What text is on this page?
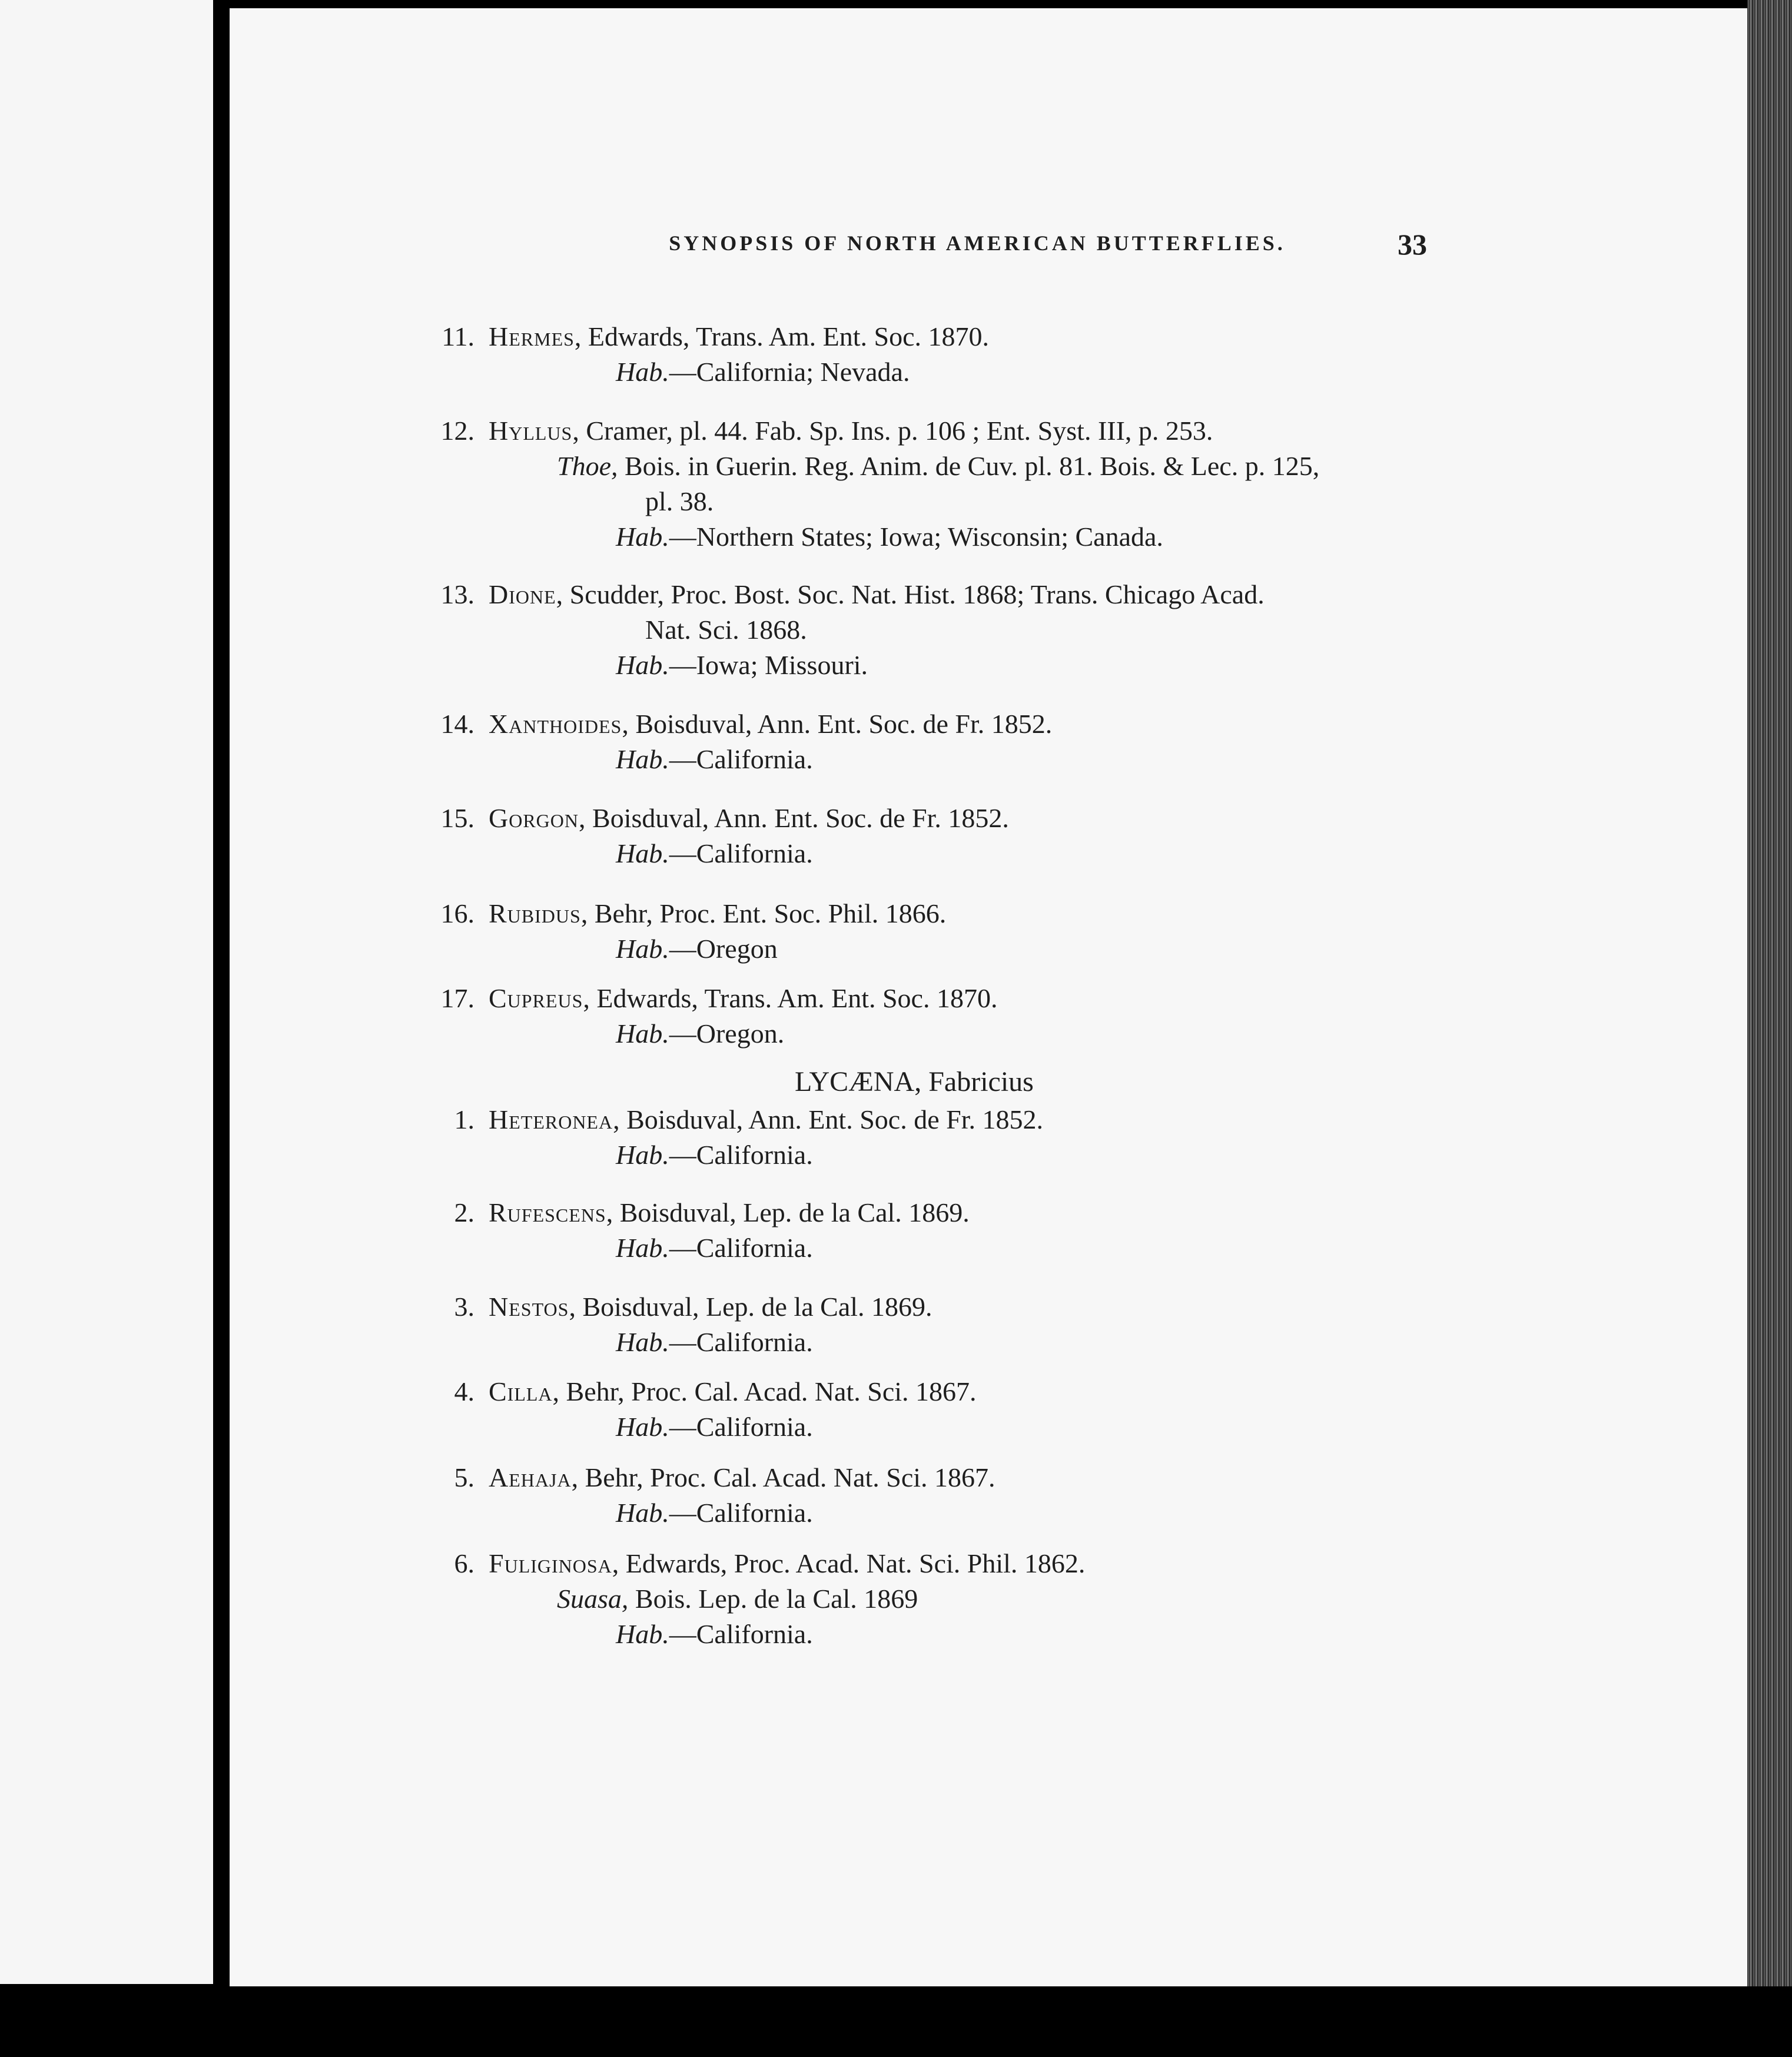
SYNOPSIS OF NORTH AMERICAN BUTTERFLIES.	33
11. Hermes, Edwards, Trans. Am. Ent. Soc. 1870.
Hab.—California; Nevada.
12. Hyllus, Cramer, pl. 44. Fab. Sp. Ins. p. 106 ; Ent. Syst. III, p. 253.
Thoe, Bois. in Guerin. Reg. Anim. de Cuv. pl. 81. Bois. & Lec. p. 125,
pl. 38.
Hab.—Northern States; Iowa; Wisconsin; Canada.
13. Dione, Scudder, Proc. Bost. Soc. Nat. Hist. 1868; Trans. Chicago Acad.
Nat. Sci. 1868.
Hab.—Iowa; Missouri.
14. Xanthoides, Boisduval, Ann. Ent. Soc. de Fr. 1852.
Hab.—California.
15. Gorgon, Boisduval, Ann. Ent. Soc. de Fr. 1852.
Hab.—California.
16. Rubidus, Behr, Proc. Ent. Soc. Phil. 1866.
Hab.—Oregon
17. Cupreus, Edwards, Trans. Am. Ent. Soc. 1870.
Hab.—Oregon.
LYCÆNA, Fabricius
1. Heteronea, Boisduval, Ann. Ent. Soc. de Fr. 1852.
Hab.—California.
2. Rufescens, Boisduval, Lep. de la Cal. 1869.
Hab.—California.
3. Nestos, Boisduval, Lep. de la Cal. 1869.
Hab.—California.
4. Cilla, Behr, Proc. Cal. Acad. Nat. Sci. 1867.
Hab.—California.
5. Aehaja, Behr, Proc. Cal. Acad. Nat. Sci. 1867.
Hab.—California.
6. Fuliginosa, Edwards, Proc. Acad. Nat. Sci. Phil. 1862.
Suasa, Bois. Lep. de la Cal. 1869
Hab.—California.
